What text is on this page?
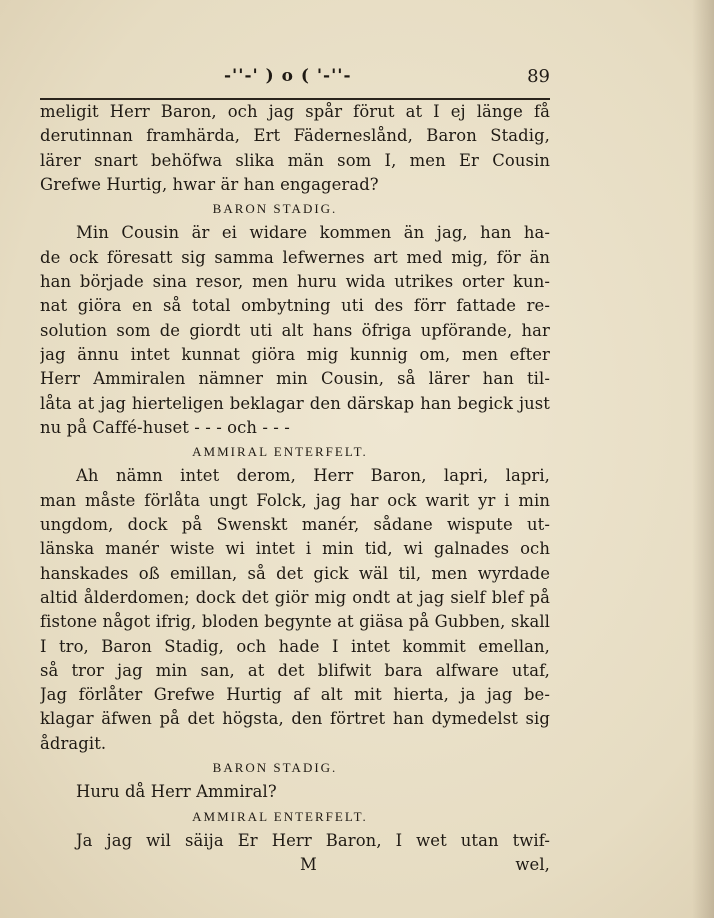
-ꞌꞌ-ꞌ ) o ( ꞌ-ꞌꞌ-	89
meligit Herr Baron, och jag spår förut at I ej länge få
derutinnan framhärda, Ert Fäderneslånd, Baron Stadig,
lärer snart behöfwa slika män som I, men Er Cousin
Grefwe Hurtig, hwar är han engagerad?
BARON STADIG.
Min Cousin är ei widare kommen än jag, han ha-
de ock föresatt sig samma lefwernes art med mig, för än
han började sina resor, men huru wida utrikes orter kun-
nat giöra en så total ombytning uti des förr fattade re-
solution som de giordt uti alt hans öfriga upförande, har
jag ännu intet kunnat giöra mig kunnig om, men efter
Herr Ammiralen nämner min Cousin, så lärer han til-
låta at jag hierteligen beklagar den därskap han begick just
nu på Caffé-huset - - - och - - -
AMMIRAL ENTERFELT.
Ah nämn intet derom, Herr Baron, lapri, lapri,
man måste förlåta ungt Folck, jag har ock warit yr i min
ungdom, dock på Swenskt manér, sådane wispute ut-
länska manér wiste wi intet i min tid, wi galnades och
hanskades oß emillan, så det gick wäl til, men wyrdade
altid ålderdomen; dock det giör mig ondt at jag sielf blef på
fistone något ifrig, bloden begynte at giäsa på Gubben, skall
I tro, Baron Stadig, och hade I intet kommit emellan,
så tror jag min san, at det blifwit bara alfware utaf,
Jag förlåter Grefwe Hurtig af alt mit hierta, ja jag be-
klagar äfwen på det högsta, den förtret han dymedelst sig
ådragit.
BARON STADIG.
Huru då Herr Ammiral?
AMMIRAL ENTERFELT.
Ja jag wil säija Er Herr Baron, I wet utan twif-
M	wel,
